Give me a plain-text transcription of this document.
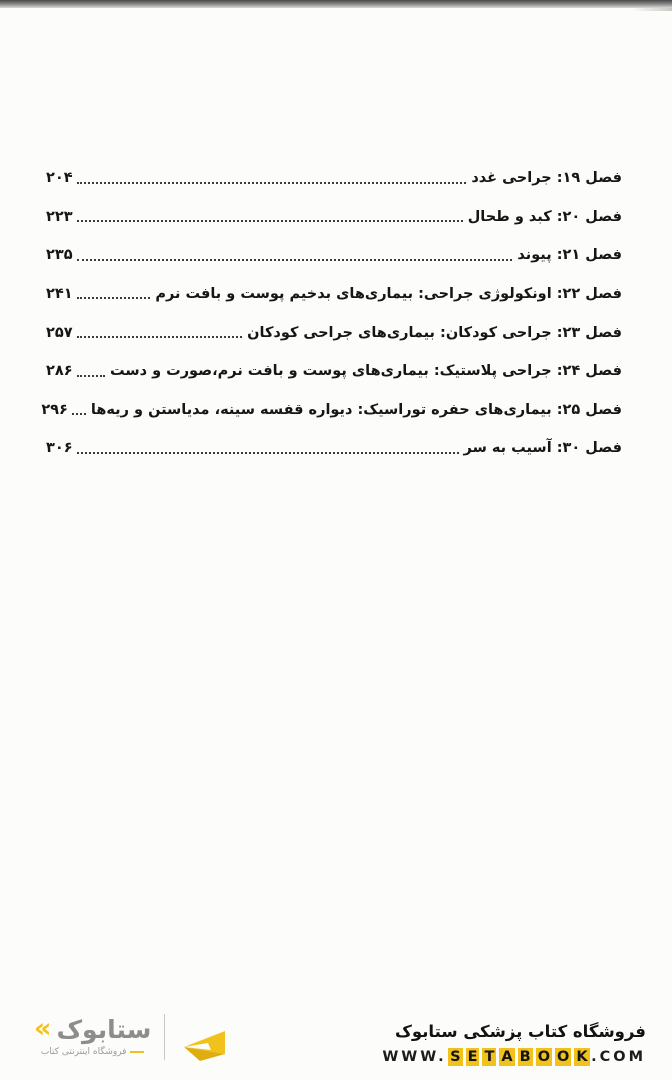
فصل ۱۹: جراحی غدد
۲۰۴
فصل ۲۰: کبد و طحال
۲۲۳
فصل ۲۱: پیوند
۲۳۵
فصل ۲۲: اونکولوژی جراحی: بیماری‌های بدخیم پوست و بافت نرم
۲۴۱
فصل ۲۳: جراحی کودکان: بیماری‌های جراحی کودکان
۲۵۷
فصل ۲۴: جراحی پلاستیک: بیماری‌های پوست و بافت نرم،صورت و دست
۲۸۶
فصل ۲۵: بیماری‌های حفره توراسیک: دیواره قفسه سینه، مدیاستن و ریه‌ها
۲۹۶
فصل ۳۰: آسیب به سر
۳۰۶
«
ستابوک
فروشگاه اینترنتی کتاب
فروشگاه کتاب پزشکی ستابوک
WWW. S E T A B O O K .COM
